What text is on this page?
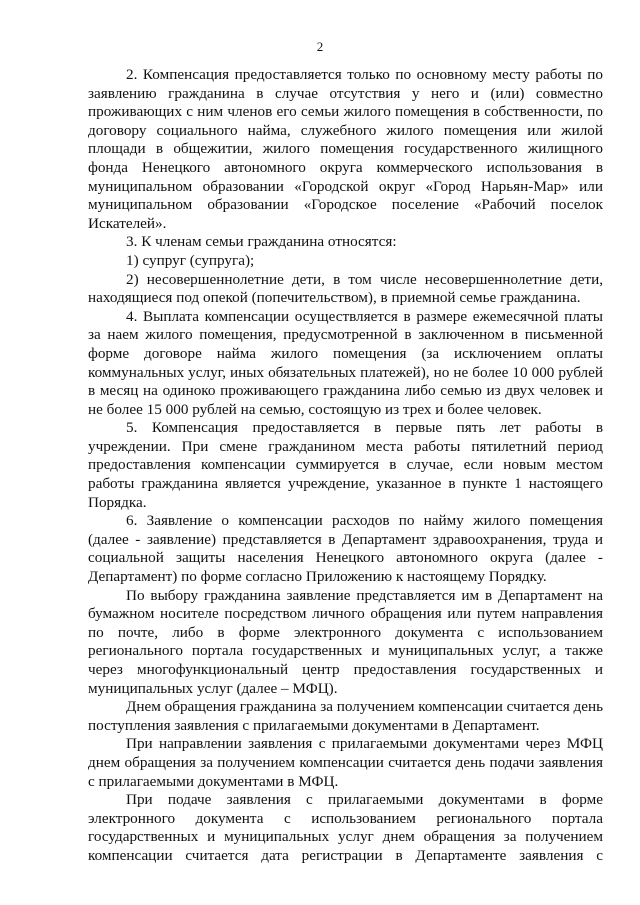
2

2. Компенсация предоставляется только по основному месту работы по заявлению гражданина в случае отсутствия у него и (или) совместно проживающих с ним членов его семьи жилого помещения в собственности, по договору социального найма, служебного жилого помещения или жилой площади в общежитии, жилого помещения государственного жилищного фонда Ненецкого автономного округа коммерческого использования в муниципальном образовании «Городской округ «Город Нарьян-Мар» или муниципальном образовании «Городское поселение «Рабочий поселок Искателей».

3. К членам семьи гражданина относятся:

1) супруг (супруга);

2) несовершеннолетние дети, в том числе несовершеннолетние дети, находящиеся под опекой (попечительством), в приемной семье гражданина.

4. Выплата компенсации осуществляется в размере ежемесячной платы за наем жилого помещения, предусмотренной в заключенном в письменной форме договоре найма жилого помещения (за исключением оплаты коммунальных услуг, иных обязательных платежей), но не более 10 000 рублей в месяц на одиноко проживающего гражданина либо семью из двух человек и не более 15 000 рублей на семью, состоящую из трех и более человек.

5. Компенсация предоставляется в первые пять лет работы в учреждении. При смене гражданином места работы пятилетний период предоставления компенсации суммируется в случае, если новым местом работы гражданина является учреждение, указанное в пункте 1 настоящего Порядка.

6. Заявление о компенсации расходов по найму жилого помещения (далее - заявление) представляется в Департамент здравоохранения, труда и социальной защиты населения Ненецкого автономного округа (далее - Департамент) по форме согласно Приложению к настоящему Порядку.

По выбору гражданина заявление представляется им в Департамент на бумажном носителе посредством личного обращения или путем направления по почте, либо в форме электронного документа с использованием регионального портала государственных и муниципальных услуг, а также через многофункциональный центр предоставления государственных и муниципальных услуг (далее – МФЦ).

Днем обращения гражданина за получением компенсации считается день поступления заявления с прилагаемыми документами в Департамент.

При направлении заявления с прилагаемыми документами через МФЦ днем обращения за получением компенсации считается день подачи заявления с прилагаемыми документами в МФЦ.

При подаче заявления с прилагаемыми документами в форме электронного документа с использованием регионального портала государственных и муниципальных услуг днем обращения за получением компенсации считается дата регистрации в Департаменте заявления с
